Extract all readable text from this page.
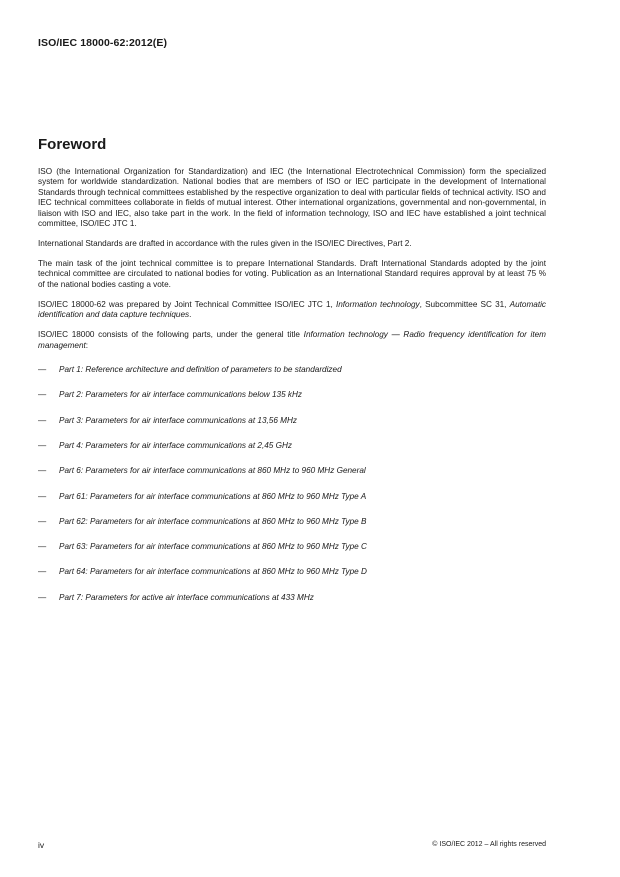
ISO/IEC 18000-62:2012(E)
Foreword

ISO (the International Organization for Standardization) and IEC (the International Electrotechnical Commission) form the specialized system for worldwide standardization. National bodies that are members of ISO or IEC participate in the development of International Standards through technical committees established by the respective organization to deal with particular fields of technical activity. ISO and IEC technical committees collaborate in fields of mutual interest. Other international organizations, governmental and non-governmental, in liaison with ISO and IEC, also take part in the work. In the field of information technology, ISO and IEC have established a joint technical committee, ISO/IEC JTC 1.

International Standards are drafted in accordance with the rules given in the ISO/IEC Directives, Part 2.

The main task of the joint technical committee is to prepare International Standards. Draft International Standards adopted by the joint technical committee are circulated to national bodies for voting. Publication as an International Standard requires approval by at least 75 % of the national bodies casting a vote.

ISO/IEC 18000-62 was prepared by Joint Technical Committee ISO/IEC JTC 1, Information technology, Subcommittee SC 31, Automatic identification and data capture techniques.

ISO/IEC 18000 consists of the following parts, under the general title Information technology — Radio frequency identification for item management:

—	Part 1: Reference architecture and definition of parameters to be standardized
—	Part 2: Parameters for air interface communications below 135 kHz
—	Part 3: Parameters for air interface communications at 13,56 MHz
—	Part 4: Parameters for air interface communications at 2,45 GHz
—	Part 6: Parameters for air interface communications at 860 MHz to 960 MHz General
—	Part 61: Parameters for air interface communications at 860 MHz to 960 MHz Type A
—	Part 62: Parameters for air interface communications at 860 MHz to 960 MHz Type B
—	Part 63: Parameters for air interface communications at 860 MHz to 960 MHz Type C
—	Part 64: Parameters for air interface communications at 860 MHz to 960 MHz Type D
—	Part 7: Parameters for active air interface communications at 433 MHz
iv	© ISO/IEC 2012 – All rights reserved
